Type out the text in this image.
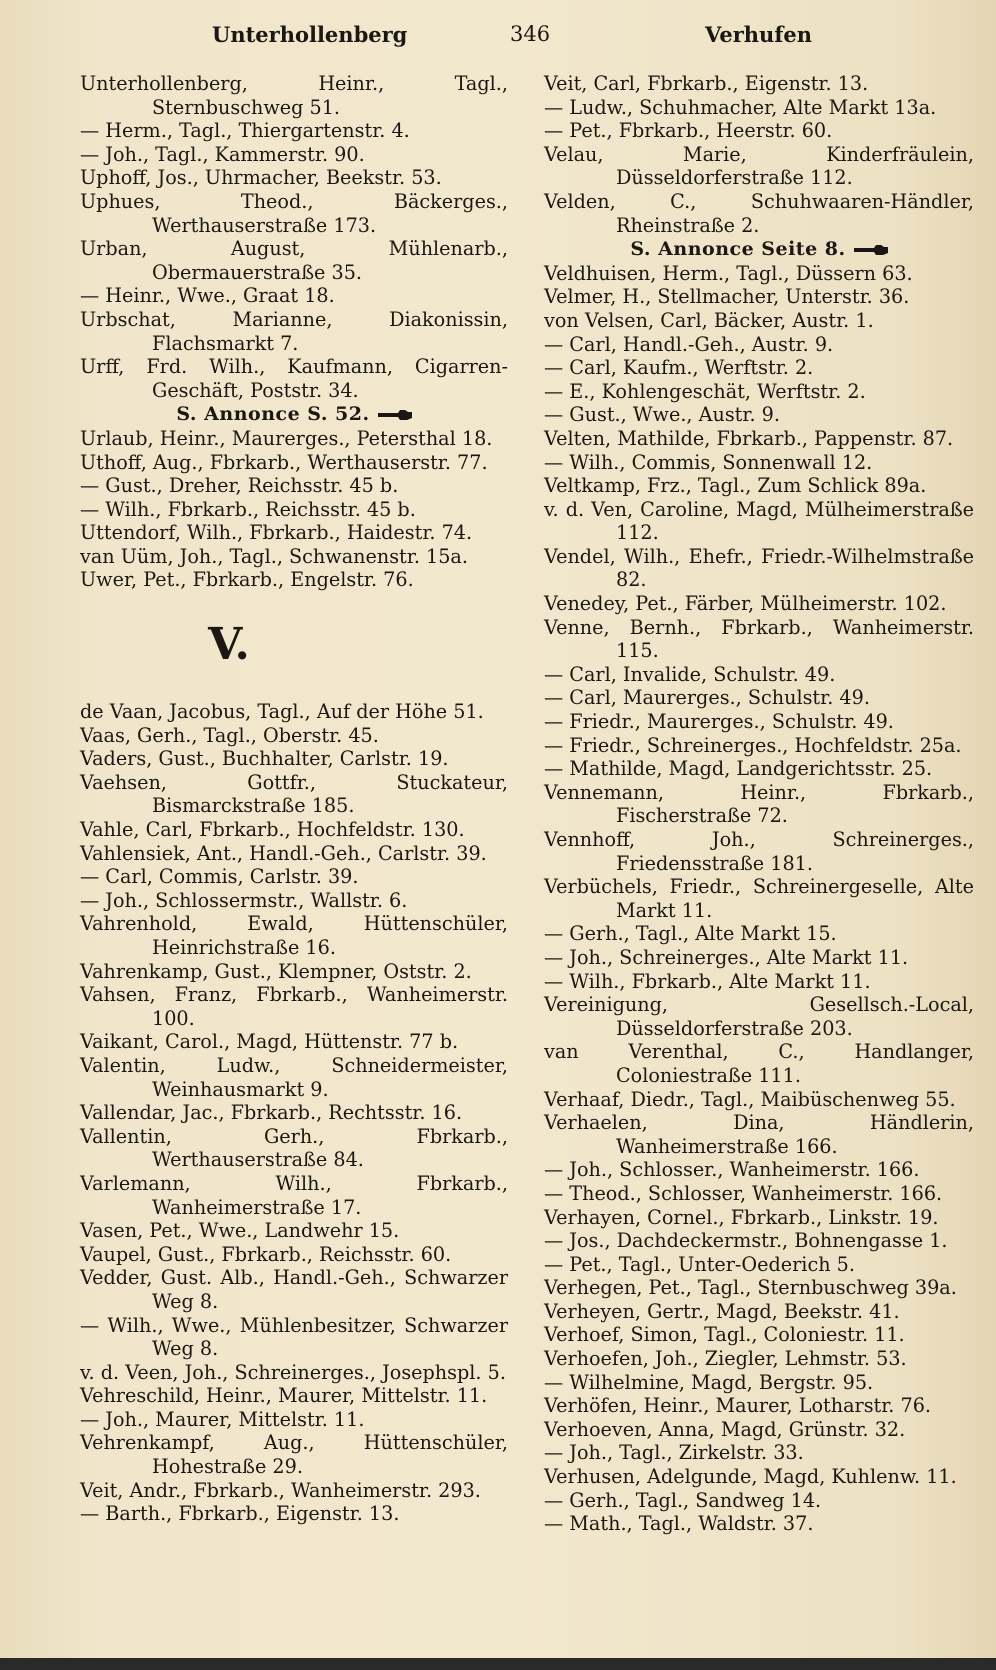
Unterhollenberg	346	Verhufen

Unterhollenberg, Heinr., Tagl., Sternbuschweg 51.

— Herm., Tagl., Thiergartenstr. 4.

— Joh., Tagl., Kammerstr. 90.

Uphoff, Jos., Uhrmacher, Beekstr. 53.

Uphues, Theod., Bäckerges., Werthauserstraße 173.

Urban, August, Mühlenarb., Obermauerstraße 35.

— Heinr., Wwe., Graat 18.

Urbschat, Marianne, Diakonissin, Flachsmarkt 7.

Urff, Frd. Wilh., Kaufmann, Cigarren-Geschäft, Poststr. 34.

S. Annonce S. 52.

Urlaub, Heinr., Maurerges., Petersthal 18.

Uthoff, Aug., Fbrkarb., Werthauserstr. 77.

— Gust., Dreher, Reichsstr. 45 b.

— Wilh., Fbrkarb., Reichsstr. 45 b.

Uttendorf, Wilh., Fbrkarb., Haidestr. 74.

van Uüm, Joh., Tagl., Schwanenstr. 15a.

Uwer, Pet., Fbrkarb., Engelstr. 76.

V.

de Vaan, Jacobus, Tagl., Auf der Höhe 51.

Vaas, Gerh., Tagl., Oberstr. 45.

Vaders, Gust., Buchhalter, Carlstr. 19.

Vaehsen, Gottfr., Stuckateur, Bismarckstraße 185.

Vahle, Carl, Fbrkarb., Hochfeldstr. 130.

Vahlensiek, Ant., Handl.-Geh., Carlstr. 39.

— Carl, Commis, Carlstr. 39.

— Joh., Schlossermstr., Wallstr. 6.

Vahrenhold, Ewald, Hüttenschüler, Heinrichstraße 16.

Vahrenkamp, Gust., Klempner, Oststr. 2.

Vahsen, Franz, Fbrkarb., Wanheimerstr. 100.

Vaikant, Carol., Magd, Hüttenstr. 77 b.

Valentin, Ludw., Schneidermeister, Weinhausmarkt 9.

Vallendar, Jac., Fbrkarb., Rechtsstr. 16.

Vallentin, Gerh., Fbrkarb., Werthauserstraße 84.

Varlemann, Wilh., Fbrkarb., Wanheimerstraße 17.

Vasen, Pet., Wwe., Landwehr 15.

Vaupel, Gust., Fbrkarb., Reichsstr. 60.

Vedder, Gust. Alb., Handl.-Geh., Schwarzer Weg 8.

— Wilh., Wwe., Mühlenbesitzer, Schwarzer Weg 8.

v. d. Veen, Joh., Schreinerges., Josephspl. 5.

Vehreschild, Heinr., Maurer, Mittelstr. 11.

— Joh., Maurer, Mittelstr. 11.

Vehrenkampf, Aug., Hüttenschüler, Hohestraße 29.

Veit, Andr., Fbrkarb., Wanheimerstr. 293.

— Barth., Fbrkarb., Eigenstr. 13.

Veit, Carl, Fbrkarb., Eigenstr. 13.

— Ludw., Schuhmacher, Alte Markt 13a.

— Pet., Fbrkarb., Heerstr. 60.

Velau, Marie, Kinderfräulein, Düsseldorferstraße 112.

Velden, C., Schuhwaaren-Händler, Rheinstraße 2.

S. Annonce Seite 8.

Veldhuisen, Herm., Tagl., Düssern 63.

Velmer, H., Stellmacher, Unterstr. 36.

von Velsen, Carl, Bäcker, Austr. 1.

— Carl, Handl.-Geh., Austr. 9.

— Carl, Kaufm., Werftstr. 2.

— E., Kohlengeschät, Werftstr. 2.

— Gust., Wwe., Austr. 9.

Velten, Mathilde, Fbrkarb., Pappenstr. 87.

— Wilh., Commis, Sonnenwall 12.

Veltkamp, Frz., Tagl., Zum Schlick 89a.

v. d. Ven, Caroline, Magd, Mülheimerstraße 112.

Vendel, Wilh., Ehefr., Friedr.-Wilhelmstraße 82.

Venedey, Pet., Färber, Mülheimerstr. 102.

Venne, Bernh., Fbrkarb., Wanheimerstr. 115.

— Carl, Invalide, Schulstr. 49.

— Carl, Maurerges., Schulstr. 49.

— Friedr., Maurerges., Schulstr. 49.

— Friedr., Schreinerges., Hochfeldstr. 25a.

— Mathilde, Magd, Landgerichtsstr. 25.

Vennemann, Heinr., Fbrkarb., Fischerstraße 72.

Vennhoff, Joh., Schreinerges., Friedensstraße 181.

Verbüchels, Friedr., Schreinergeselle, Alte Markt 11.

— Gerh., Tagl., Alte Markt 15.

— Joh., Schreinerges., Alte Markt 11.

— Wilh., Fbrkarb., Alte Markt 11.

Vereinigung, Gesellsch.-Local, Düsseldorferstraße 203.

van Verenthal, C., Handlanger, Coloniestraße 111.

Verhaaf, Diedr., Tagl., Maibüschenweg 55.

Verhaelen, Dina, Händlerin, Wanheimerstraße 166.

— Joh., Schlosser., Wanheimerstr. 166.

— Theod., Schlosser, Wanheimerstr. 166.

Verhayen, Cornel., Fbrkarb., Linkstr. 19.

— Jos., Dachdeckermstr., Bohnengasse 1.

— Pet., Tagl., Unter-Oederich 5.

Verhegen, Pet., Tagl., Sternbuschweg 39a.

Verheyen, Gertr., Magd, Beekstr. 41.

Verhoef, Simon, Tagl., Coloniestr. 11.

Verhoefen, Joh., Ziegler, Lehmstr. 53.

— Wilhelmine, Magd, Bergstr. 95.

Verhöfen, Heinr., Maurer, Lotharstr. 76.

Verhoeven, Anna, Magd, Grünstr. 32.

— Joh., Tagl., Zirkelstr. 33.

Verhusen, Adelgunde, Magd, Kuhlenw. 11.

— Gerh., Tagl., Sandweg 14.

— Math., Tagl., Waldstr. 37.
